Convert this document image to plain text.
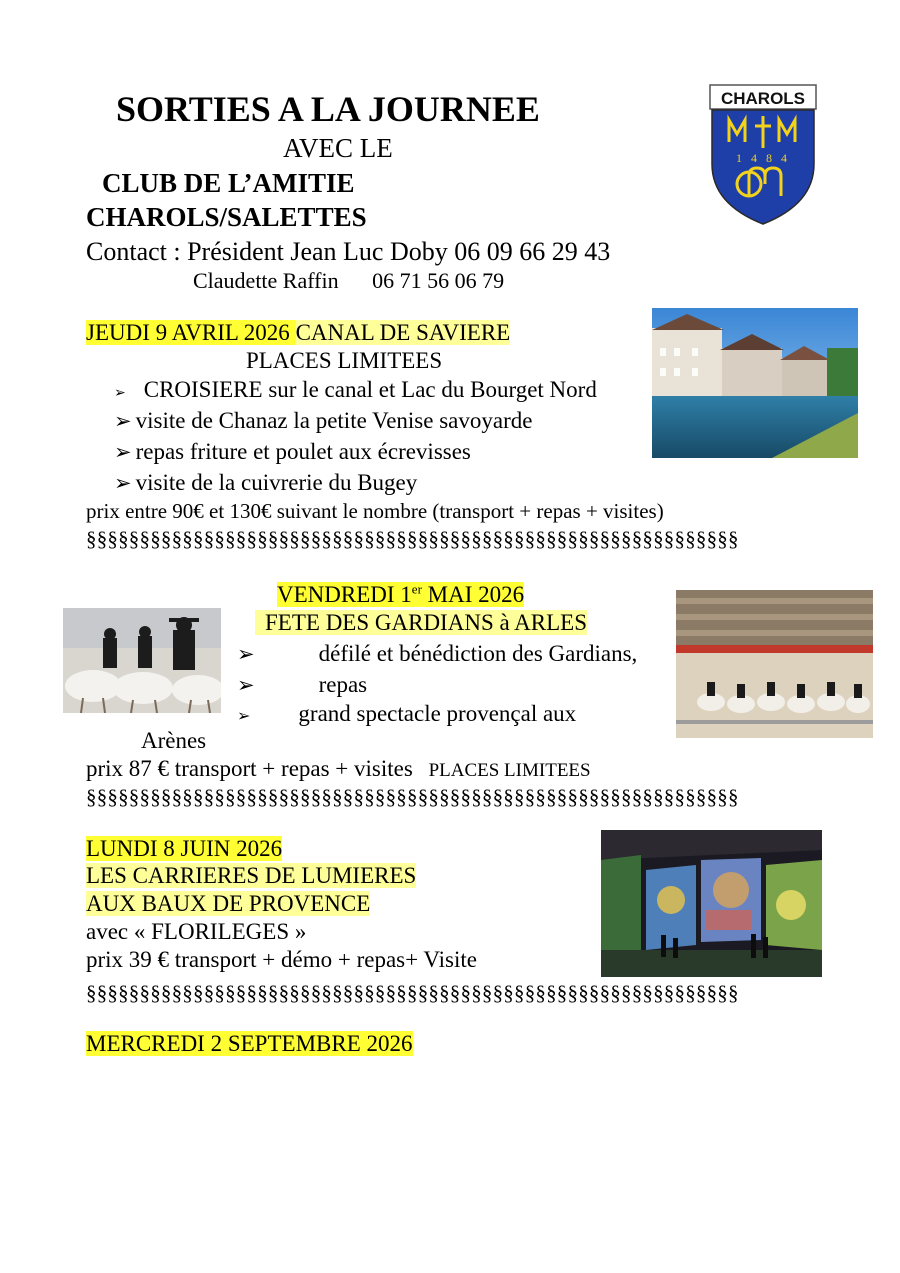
SORTIES A LA JOURNEE
AVEC LE
CLUB DE L’AMITIE
CHAROLS/SALETTES
Contact : Président Jean Luc Doby 06 09 66 29 43
Claudette Raffin 06 71 56 06 79
CHAROLS
1 4 8 4
JEUDI 9 AVRIL 2026 CANAL DE SAVIERE
PLACES LIMITEES
➢ CROISIERE sur le canal et Lac du Bourget Nord
➢ visite de Chanaz la petite Venise savoyarde
➢ repas friture et poulet aux écrevisses
➢ visite de la cuivrerie du Bugey
prix entre 90€ et 130€ suivant le nombre (transport + repas + visites)
§§§§§§§§§§§§§§§§§§§§§§§§§§§§§§§§§§§§§§§§§§§§§§§§§§§§§§§§§§§§§
VENDREDI 1er MAI 2026
FETE DES GARDIANS à ARLES
➢	défilé et bénédiction des Gardians,
➢	repas
➢ grand spectacle provençal aux
Arènes
prix 87 € transport + repas + visites PLACES LIMITEES
§§§§§§§§§§§§§§§§§§§§§§§§§§§§§§§§§§§§§§§§§§§§§§§§§§§§§§§§§§§§§
LUNDI 8 JUIN 2026
LES CARRIERES DE LUMIERES
AUX BAUX DE PROVENCE
avec « FLORILEGES »
prix 39 € transport + démo + repas+ Visite
§§§§§§§§§§§§§§§§§§§§§§§§§§§§§§§§§§§§§§§§§§§§§§§§§§§§§§§§§§§§§
MERCREDI 2 SEPTEMBRE 2026
